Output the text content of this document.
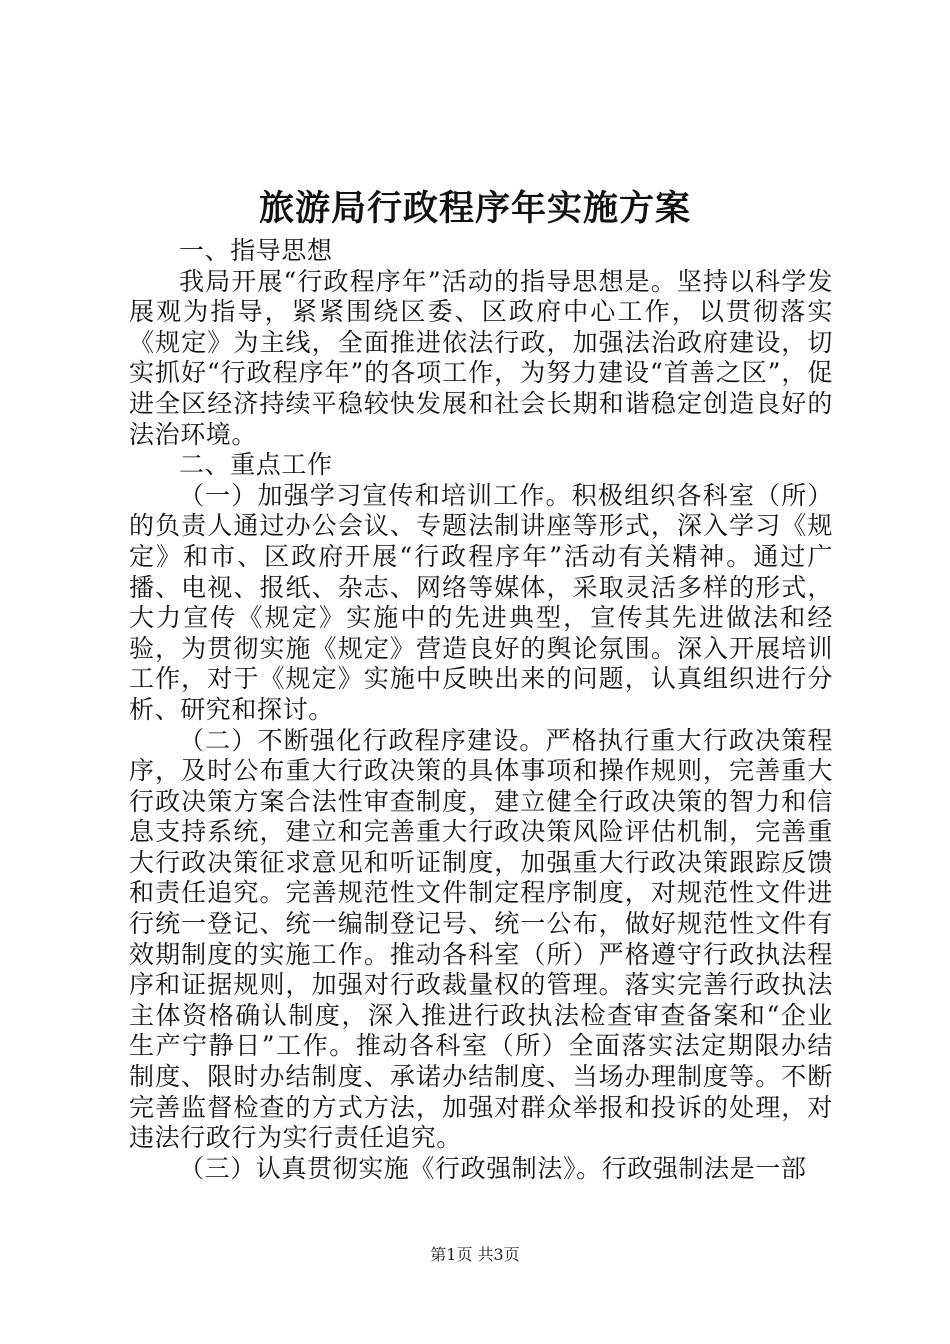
旅游局行政程序年实施方案

一、指导思想

我局开展“行政程序年”活动的指导思想是。坚持以科学发展观为指导，紧紧围绕区委、区政府中心工作，以贯彻落实《规定》为主线，全面推进依法行政，加强法治政府建设，切实抓好“行政程序年”的各项工作，为努力建设“首善之区”，促进全区经济持续平稳较快发展和社会长期和谐稳定创造良好的法治环境。

二、重点工作

（一）加强学习宣传和培训工作。积极组织各科室（所）的负责人通过办公会议、专题法制讲座等形式，深入学习《规定》和市、区政府开展“行政程序年”活动有关精神。通过广播、电视、报纸、杂志、网络等媒体，采取灵活多样的形式，大力宣传《规定》实施中的先进典型，宣传其先进做法和经验，为贯彻实施《规定》营造良好的舆论氛围。深入开展培训工作，对于《规定》实施中反映出来的问题，认真组织进行分析、研究和探讨。

（二）不断强化行政程序建设。严格执行重大行政决策程序，及时公布重大行政决策的具体事项和操作规则，完善重大行政决策方案合法性审查制度，建立健全行政决策的智力和信息支持系统，建立和完善重大行政决策风险评估机制，完善重大行政决策征求意见和听证制度，加强重大行政决策跟踪反馈和责任追究。完善规范性文件制定程序制度，对规范性文件进行统一登记、统一编制登记号、统一公布，做好规范性文件有效期制度的实施工作。推动各科室（所）严格遵守行政执法程序和证据规则，加强对行政裁量权的管理。落实完善行政执法主体资格确认制度，深入推进行政执法检查审查备案和“企业生产宁静日”工作。推动各科室（所）全面落实法定期限办结制度、限时办结制度、承诺办结制度、当场办理制度等。不断完善监督检查的方式方法，加强对群众举报和投诉的处理，对违法行政行为实行责任追究。

（三）认真贯彻实施《行政强制法》。行政强制法是一部

第1页 共3页
